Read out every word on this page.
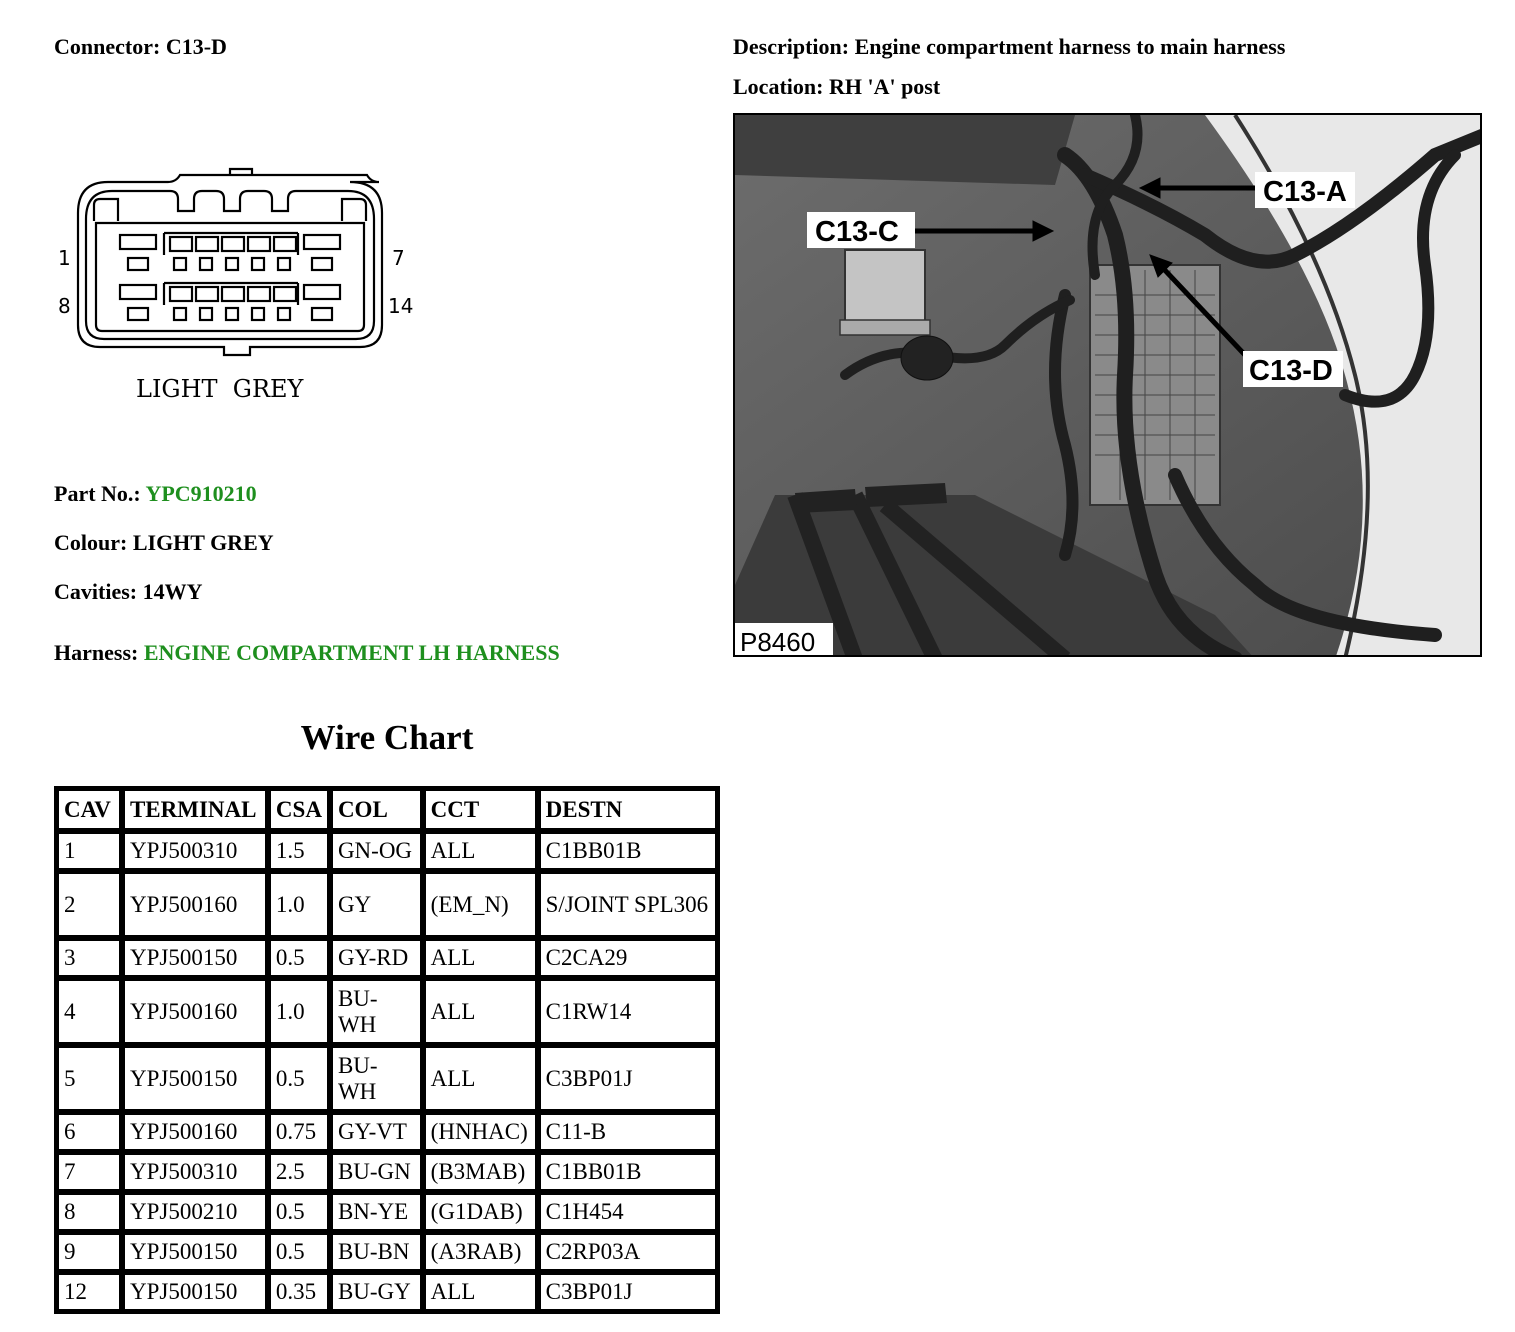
Connector: C13-D	Description: Engine compartment harness to main harness
Location: RH 'A' post
1	7
8	14
LIGHT  GREY
C13-A
C13-C
C13-D
P8460
Part No.: YPC910210
Colour: LIGHT GREY
Cavities: 14WY
Harness: ENGINE COMPARTMENT LH HARNESS
Wire Chart
CAV	TERMINAL	CSA	COL	CCT	DESTN
1	YPJ500310	1.5	GN-OG	ALL	C1BB01B
2	YPJ500160	1.0	GY	(EM_N)	S/JOINT SPL306
3	YPJ500150	0.5	GY-RD	ALL	C2CA29
4	YPJ500160	1.0	BU-WH	ALL	C1RW14
5	YPJ500150	0.5	BU-WH	ALL	C3BP01J
6	YPJ500160	0.75	GY-VT	(HNHAC)	C11-B
7	YPJ500310	2.5	BU-GN	(B3MAB)	C1BB01B
8	YPJ500210	0.5	BN-YE	(G1DAB)	C1H454
9	YPJ500150	0.5	BU-BN	(A3RAB)	C2RP03A
12	YPJ500150	0.35	BU-GY	ALL	C3BP01J
